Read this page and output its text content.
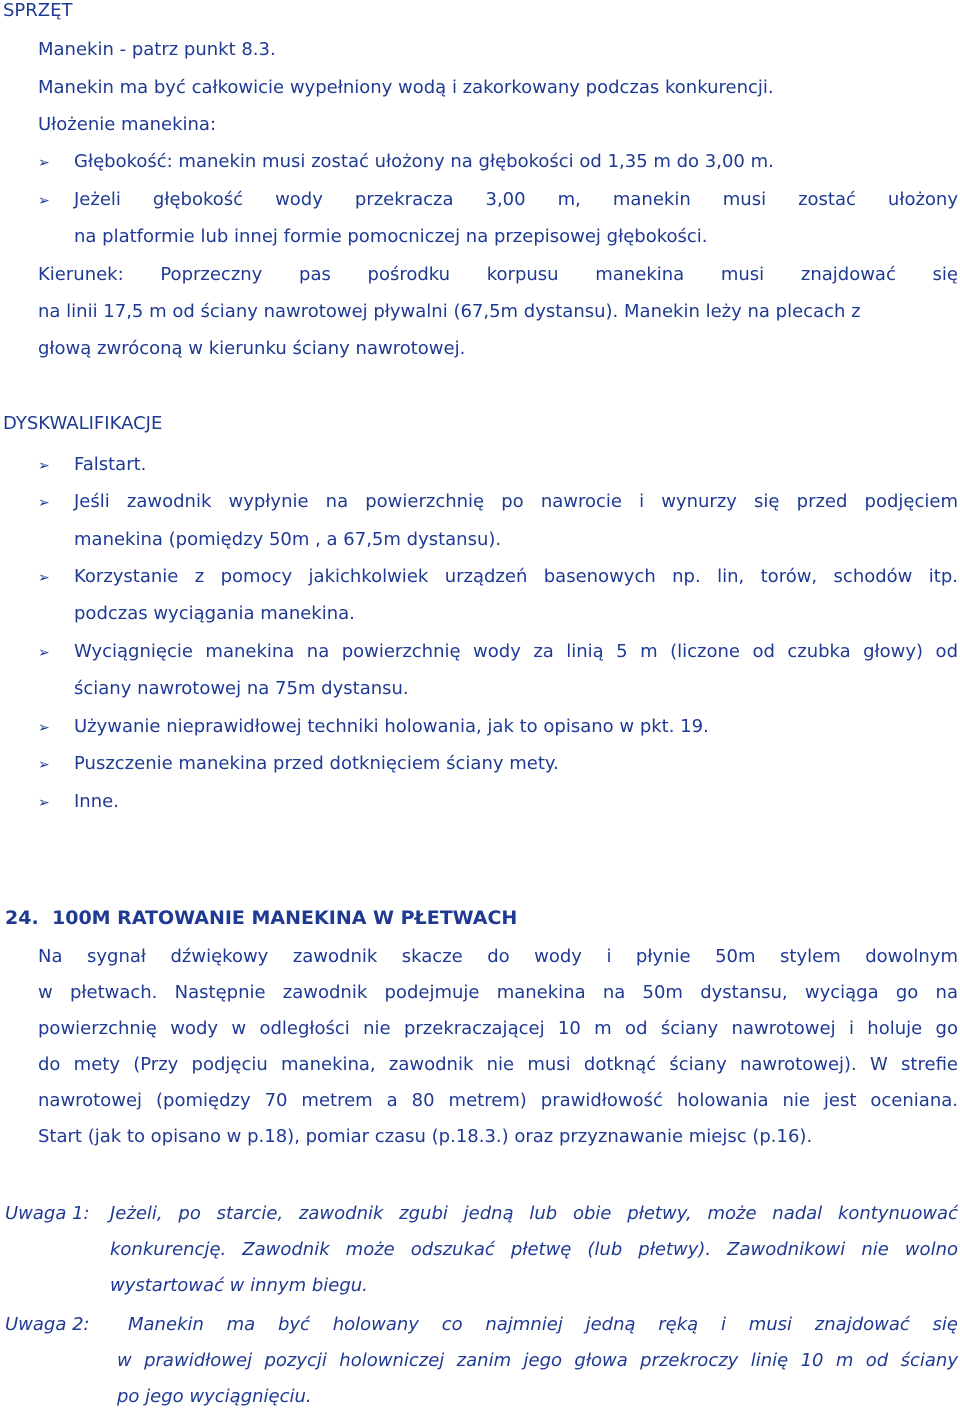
SPRZĘT

Manekin - patrz punkt 8.3.

Manekin ma być całkowicie wypełniony wodą i zakorkowany podczas konkurencji.

Ułożenie manekina:

➢ Głębokość: manekin musi zostać ułożony na głębokości od 1,35 m do 3,00 m.

➢ Jeżeli głębokość wody przekracza 3,00 m, manekin musi zostać ułożony

na platformie lub innej formie pomocniczej na przepisowej głębokości.

Kierunek: Poprzeczny pas pośrodku korpusu manekina musi znajdować się

na linii 17,5 m od ściany nawrotowej pływalni (67,5m dystansu). Manekin leży na plecach z

głową zwróconą w kierunku ściany nawrotowej.

DYSKWALIFIKACJE

➢ Falstart.

➢ Jeśli zawodnik wypłynie na powierzchnię po nawrocie i wynurzy się przed podjęciem

manekina (pomiędzy 50m , a 67,5m dystansu).

➢ Korzystanie z pomocy jakichkolwiek urządzeń basenowych np. lin, torów, schodów itp.

podczas wyciągania manekina.

➢ Wyciągnięcie manekina na powierzchnię wody za linią 5 m (liczone od czubka głowy) od

ściany nawrotowej na 75m dystansu.

➢ Używanie nieprawidłowej techniki holowania, jak to opisano w pkt. 19.

➢ Puszczenie manekina przed dotknięciem ściany mety.

➢ Inne.

24. 100M RATOWANIE MANEKINA W PŁETWACH

Na sygnał dźwiękowy zawodnik skacze do wody i płynie 50m stylem dowolnym

w płetwach. Następnie zawodnik podejmuje manekina na 50m dystansu, wyciąga go na

powierzchnię wody w odległości nie przekraczającej 10 m od ściany nawrotowej i holuje go

do mety (Przy podjęciu manekina, zawodnik nie musi dotknąć ściany nawrotowej). W strefie

nawrotowej (pomiędzy 70 metrem a 80 metrem) prawidłowość holowania nie jest oceniana.

Start (jak to opisano w p.18), pomiar czasu (p.18.3.) oraz przyznawanie miejsc (p.16).

Uwaga 1: Jeżeli, po starcie, zawodnik zgubi jedną lub obie płetwy, może nadal kontynuować

konkurencję. Zawodnik może odszukać płetwę (lub płetwy). Zawodnikowi nie wolno

wystartować w innym biegu.

Uwaga 2: Manekin ma być holowany co najmniej jedną ręką i musi znajdować się

w prawidłowej pozycji holowniczej zanim jego głowa przekroczy linię 10 m od ściany

po jego wyciągnięciu.
